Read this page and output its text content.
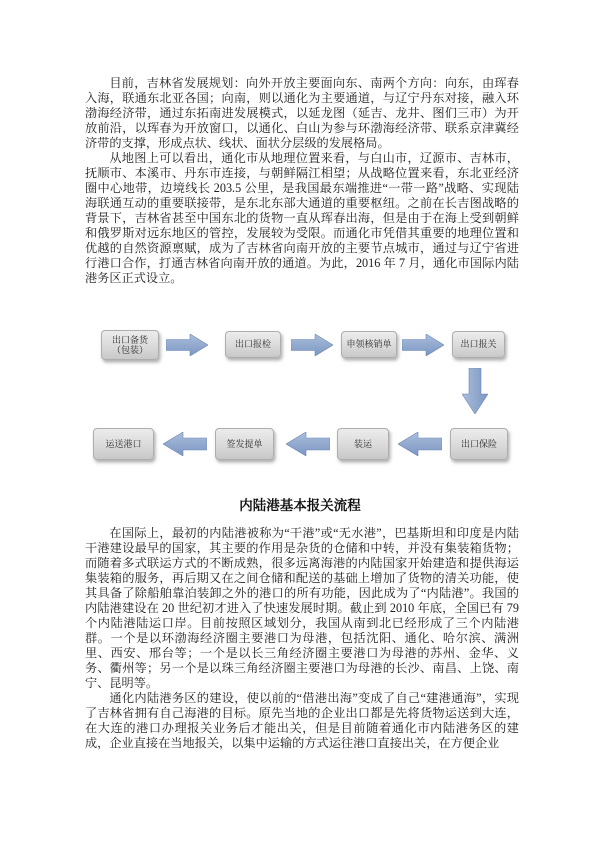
目前，吉林省发展规划：向外开放主要面向东、南两个方向：向东，由珲春入海，联通东北亚各国；向南，则以通化为主要通道，与辽宁丹东对接，融入环渤海经济带，通过东拓南进发展模式，以延龙图（延吉、龙井、图们三市）为开放前沿，以珲春为开放窗口，以通化、白山为参与环渤海经济带、联系京津冀经济带的支撑，形成点状、线状、面状分层级的发展格局。

从地图上可以看出，通化市从地理位置来看，与白山市，辽源市、吉林市，抚顺市、本溪市、丹东市连接，与朝鲜隔江相望；从战略位置来看，东北亚经济圈中心地带，边境线长 203.5 公里，是我国最东端推进“一带一路”战略、实现陆海联通互动的重要联接带，是东北东部大通道的重要枢纽。之前在长吉图战略的背景下，吉林省甚至中国东北的货物一直从珲春出海，但是由于在海上受到朝鲜和俄罗斯对远东地区的管控，发展较为受限。而通化市凭借其重要的地理位置和优越的自然资源禀赋，成为了吉林省向南开放的主要节点城市，通过与辽宁省进行港口合作，打通吉林省向南开放的通道。为此，2016 年 7 月，通化市国际内陆港务区正式设立。

出口备货（包装）
出口报检	申领核销单	出口报关
运送港口	签发提单	装运	出口保险
内陆港基本报关流程

在国际上，最初的内陆港被称为“干港”或“无水港”，巴基斯坦和印度是内陆干港建设最早的国家，其主要的作用是杂货的仓储和中转，并没有集装箱货物；而随着多式联运方式的不断成熟，很多远离海港的内陆国家开始建造和提供海运集装箱的服务，再后期又在之间仓储和配送的基础上增加了货物的清关功能，使其具备了除船舶靠泊装卸之外的港口的所有功能，因此成为了“内陆港”。我国的内陆港建设在 20 世纪初才进入了快速发展时期。截止到 2010 年底，全国已有 79 个内陆港陆运口岸。目前按照区域划分，我国从南到北已经形成了三个内陆港群。一个是以环渤海经济圈主要港口为母港，包括沈阳、通化、哈尔滨、满洲里、西安、邢台等；一个是以长三角经济圈主要港口为母港的苏州、金华、义务、衢州等；另一个是以珠三角经济圈主要港口为母港的长沙、南昌、上饶、南宁、昆明等。

通化内陆港务区的建设，使以前的“借港出海”变成了自己“建港通海”，实现了吉林省拥有自己海港的目标。原先当地的企业出口都是先将货物运送到大连，在大连的港口办理报关业务后才能出关，但是目前随着通化市内陆港务区的建成，企业直接在当地报关，以集中运输的方式运往港口直接出关，在方便企业
